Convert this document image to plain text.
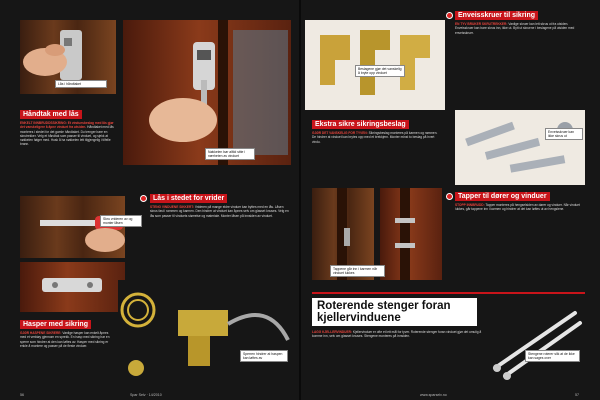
Lås i håndtaket
Nøkkelen bør alltid sitte i nærheten av vinduet
Håndtak med lås
ENKELT INNBRUDDSSIKRING: Et vinduesbeslag med lås gjør det vanskeligere å åpne vinduet fra utsiden. Håndtaket med lås monteres i stedet for det gamle håndtaket. Du trenger bare en skrutrekker. Velg et håndtak som passer til vinduet, og sjekk at nøkkelen følger med. Husk å ha nøkkelen lett tilgjengelig i tilfelle brann.
Skru vrideren av og monter låsen
Lås i stedet for vrider
STENG VINDUENE SIKKERT: Vrideren på mange eldre vinduer kan byttes med en lås. Låsen skrus fast i rammen og karmen. Den hindrer at vinduet kan åpnes selv om glasset knuses. Velg en lås som passer til vinduets størrelse og materiale. Monter låsen på innsiden av vinduet.
Hasper med sikring
GJØR HASPENE SIKRERE: Vanlige hasper kan enkelt åpnes med et verktøy gjennom en sprekk. En hasp med sikring har en sperre som hindrer at den kan løftes av. Hasper med sikring er enkle å montere og passer på de fleste vinduer.
Sperren hindrer at haspen kan løftes av
56	Spar Selv · 14/2010
Beslagene gjør det vanskelig å bryte opp vinduet
Enveisskruer til sikring
EN TYV BRUKER SKRUTREKKER: Vanlige skruer kan lett skrus ut fra utsiden. Enveisskruer kan bare skrus inn, ikke ut. Bytt ut skruene i beslagene på utsiden med enveisskruer.
Ekstra sikre sikringsbeslag
GJØR DET VANSKELIG FOR TYVEN: Sikringsbeslag monteres på karmen og rammen. De hindrer at vinduet kan brytes opp med et brekkjern. Monter minst to beslag på hvert vindu.
Enveisskruer kan ikke skrus ut
Tappene går inn i karmen når vinduet lukkes
Tapper til dører og vinduer
STOPP INNBRUDD: Tapper monteres på hengselsiden av dører og vinduer. Når vinduet lukkes, går tappene inn i karmen og hindrer at det kan løftes ut av hengslene.
Roterende stenger foran
kjellervinduene
LAGG KJELLERVINDUER: Kjellervinduer er ofte et lett mål for tyver. Roterende stenger foran vinduet gjør det umulig å komme inn, selv om glasset knuses. Stengene monteres på innsiden.
Stengene roterer slik at de ikke kan sages over
www.sparselv.no	57
